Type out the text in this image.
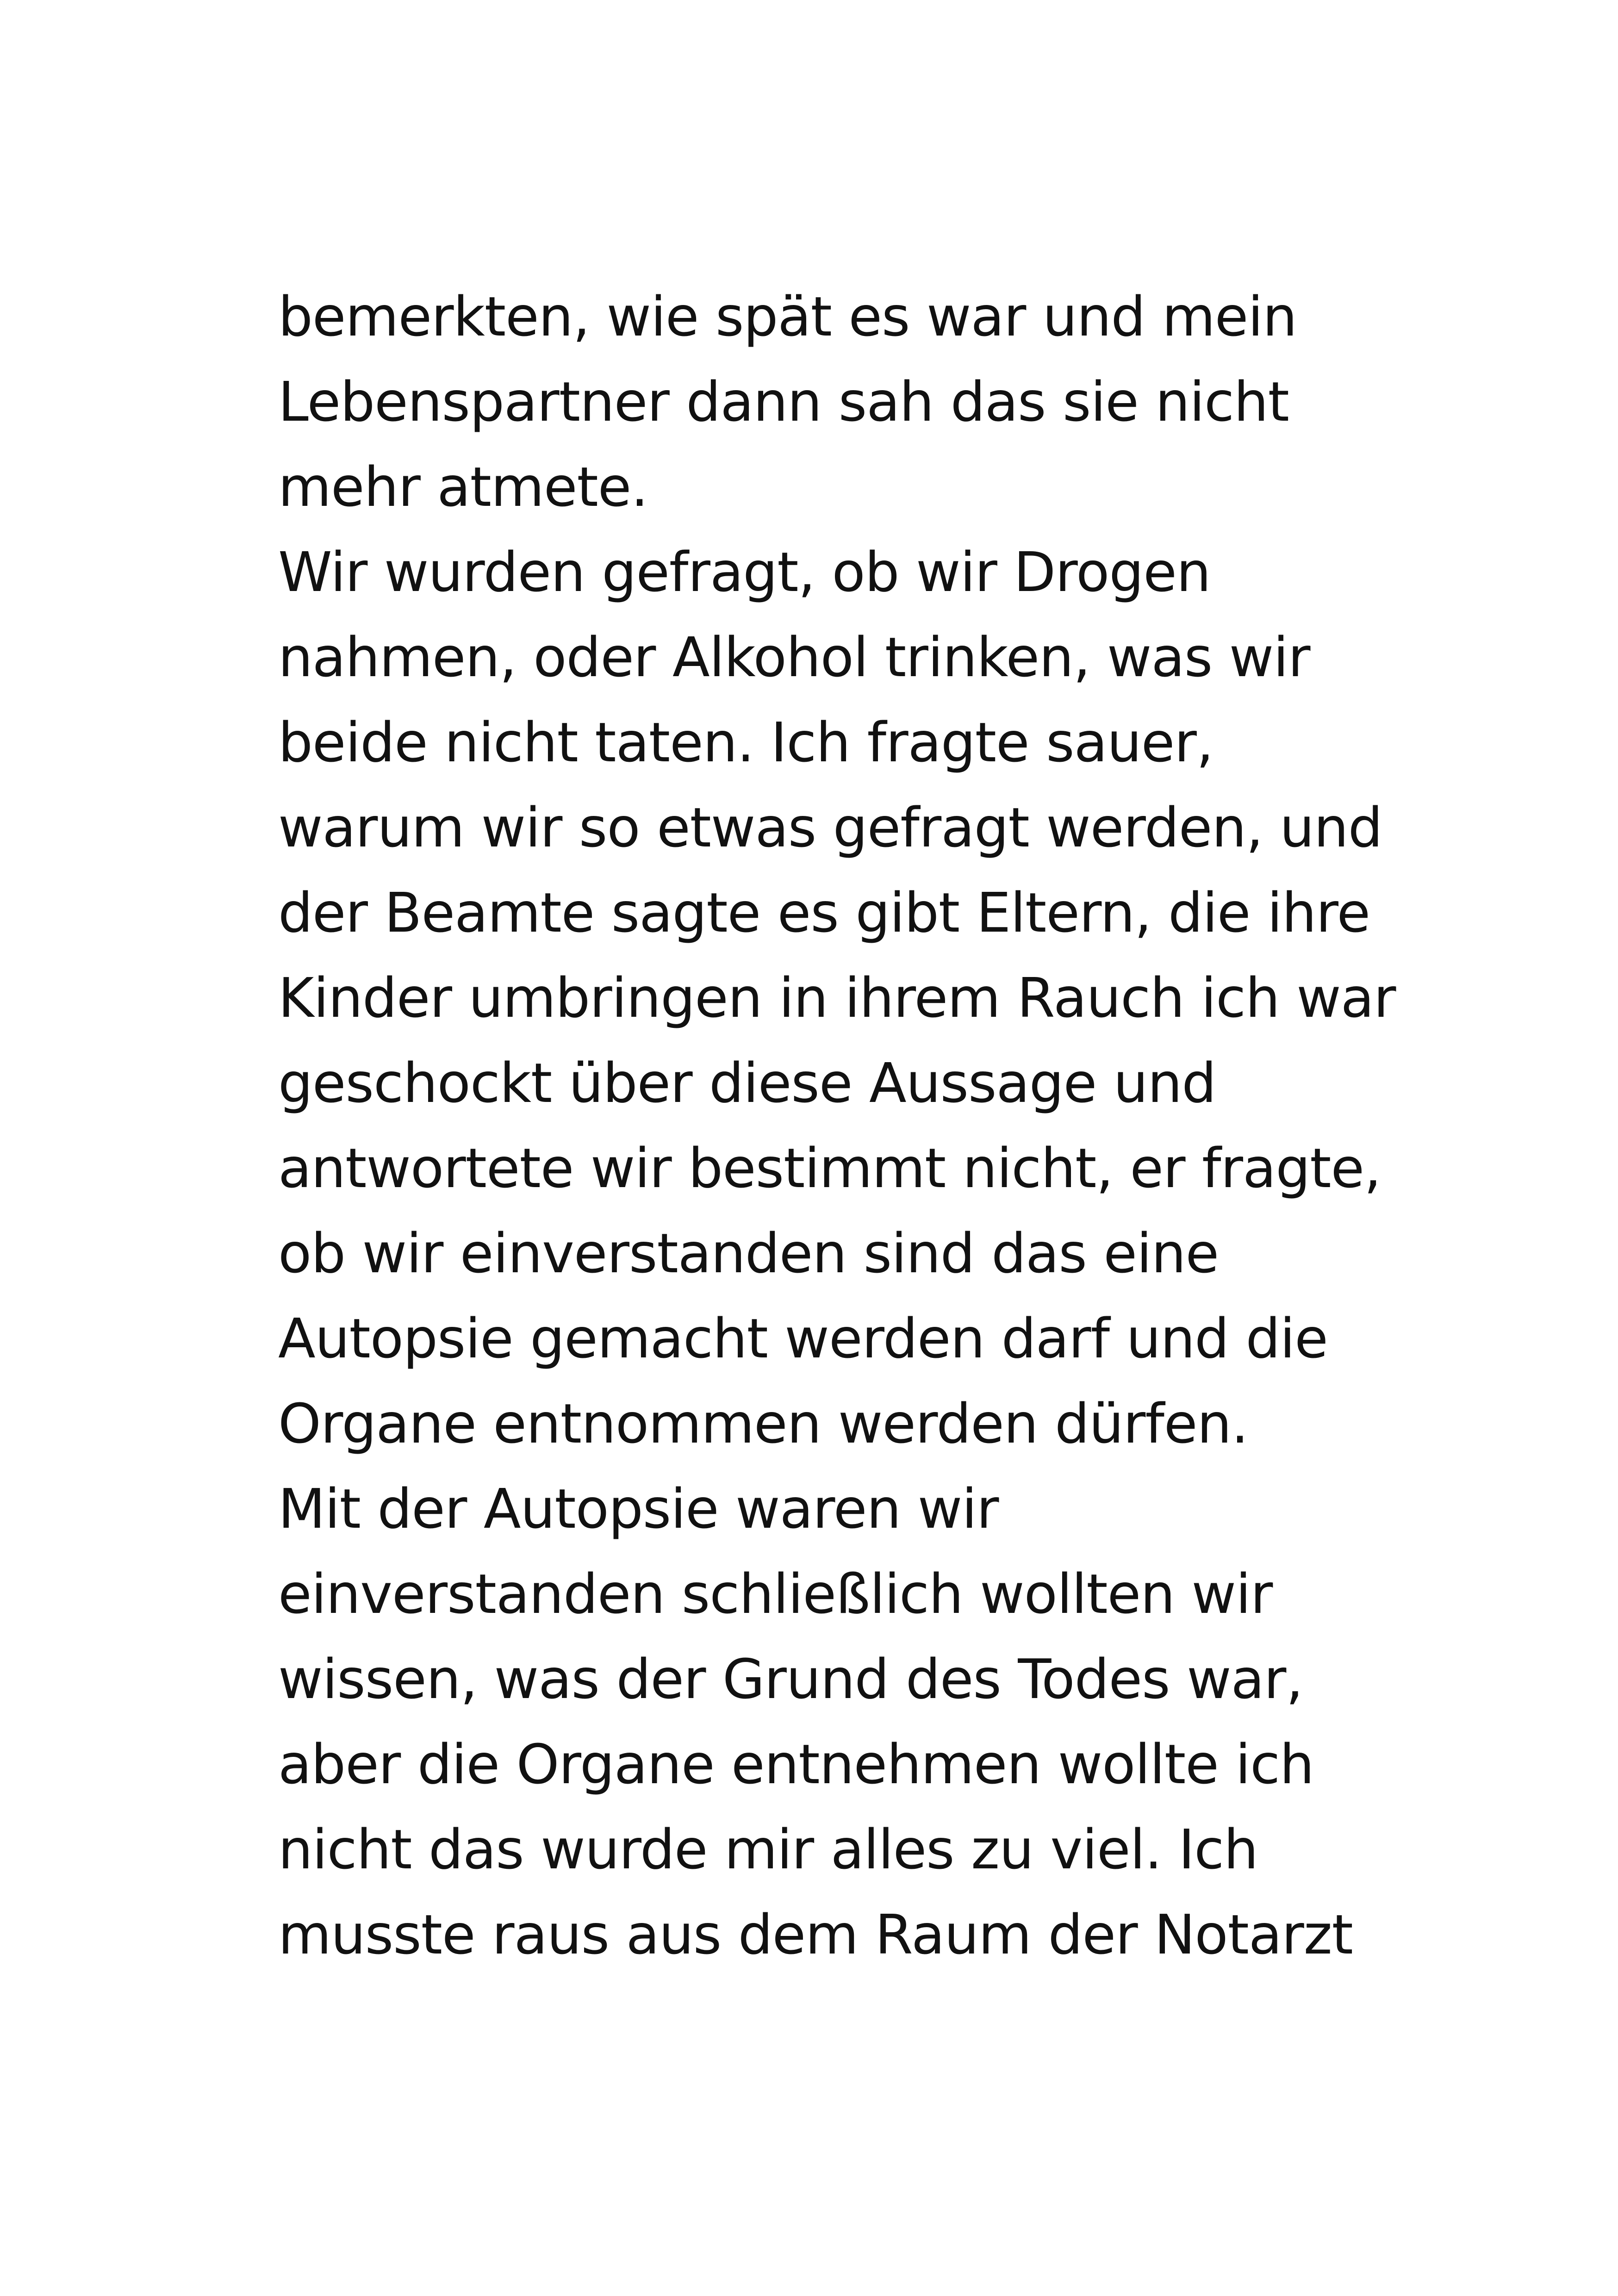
bemerkten, wie spät es war und mein
Lebenspartner dann sah das sie nicht
mehr atmete.
Wir wurden gefragt, ob wir Drogen
nahmen, oder Alkohol trinken, was wir
beide nicht taten. Ich fragte sauer,
warum wir so etwas gefragt werden, und
der Beamte sagte es gibt Eltern, die ihre
Kinder umbringen in ihrem Rauch ich war
geschockt über diese Aussage und
antwortete wir bestimmt nicht, er fragte,
ob wir einverstanden sind das eine
Autopsie gemacht werden darf und die
Organe entnommen werden dürfen.
Mit der Autopsie waren wir
einverstanden schließlich wollten wir
wissen, was der Grund des Todes war,
aber die Organe entnehmen wollte ich
nicht das wurde mir alles zu viel. Ich
musste raus aus dem Raum der Notarzt
